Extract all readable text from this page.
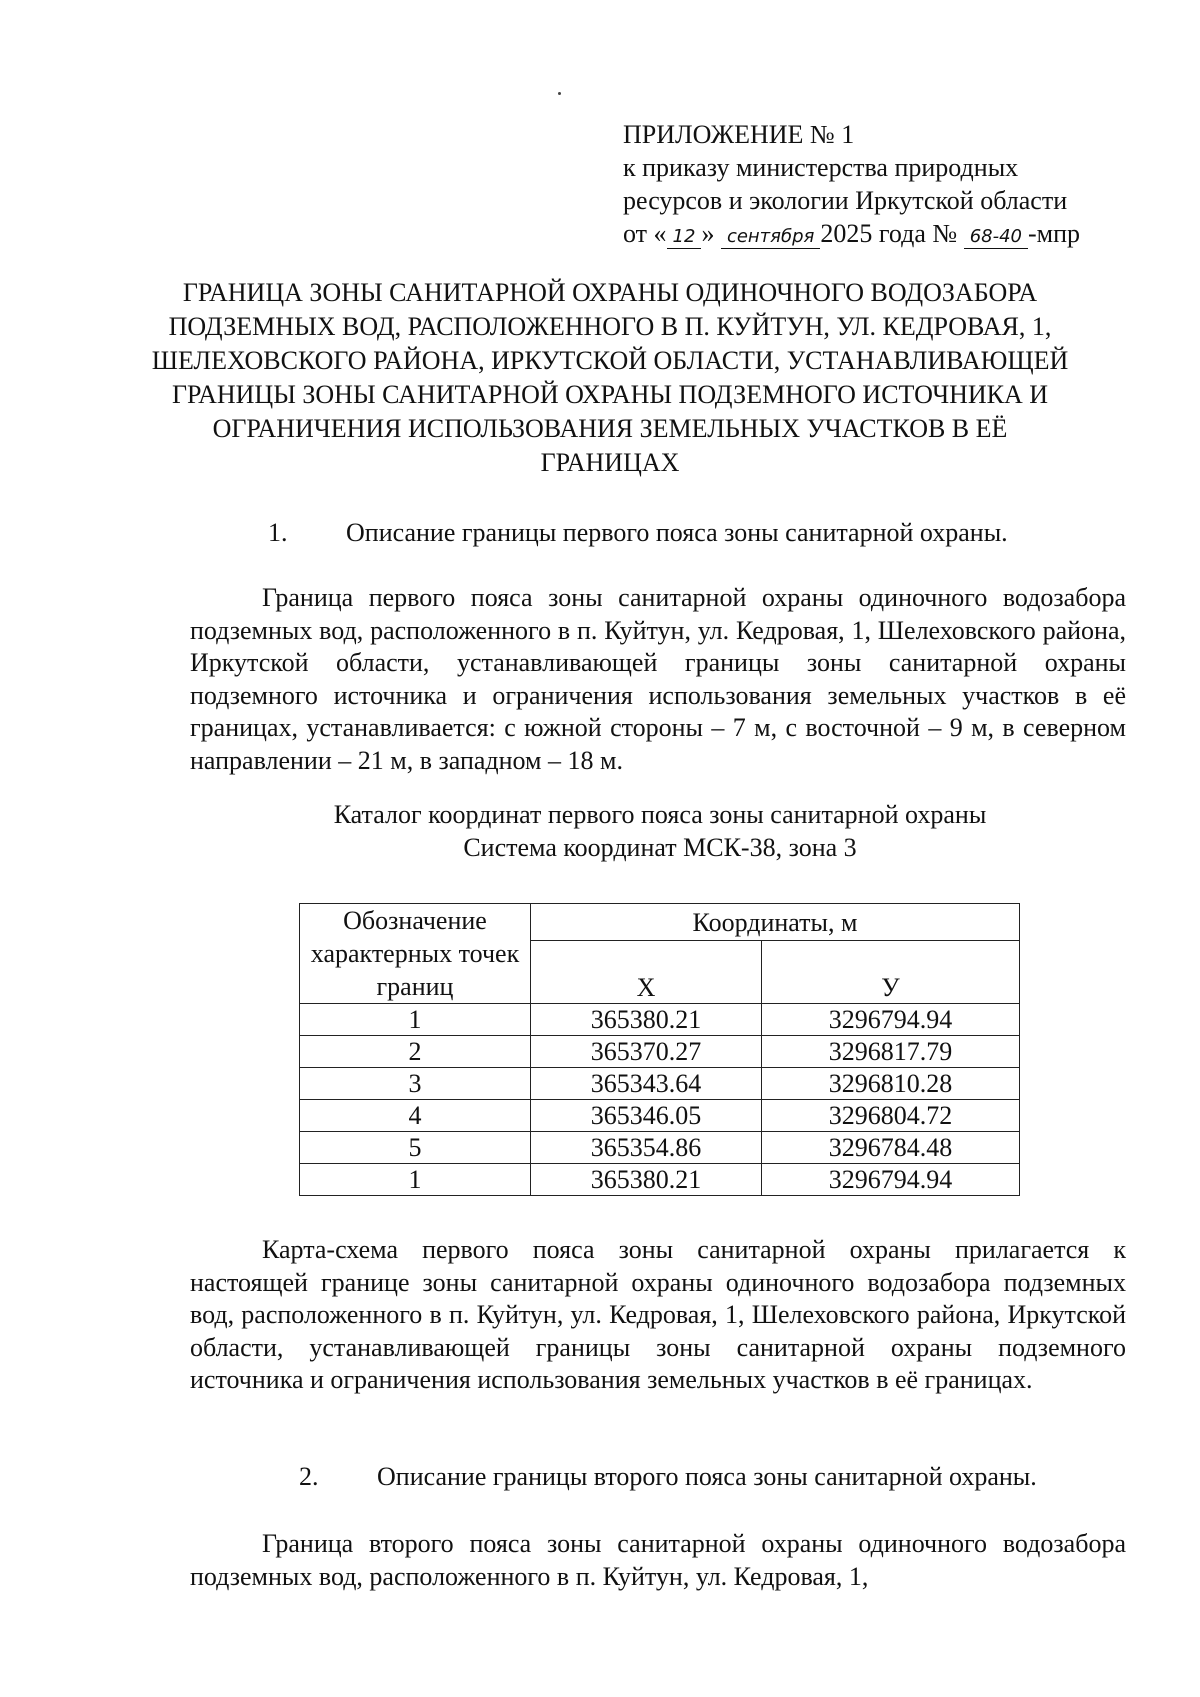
ПРИЛОЖЕНИЕ № 1
к приказу министерства природных
ресурсов и экологии Иркутской области
от « 12 » сентября 2025 года № 68-40 -мпр
ГРАНИЦА ЗОНЫ САНИТАРНОЙ ОХРАНЫ ОДИНОЧНОГО ВОДОЗАБОРА ПОДЗЕМНЫХ ВОД, РАСПОЛОЖЕННОГО В П. КУЙТУН, УЛ. КЕДРОВАЯ, 1, ШЕЛЕХОВСКОГО РАЙОНА, ИРКУТСКОЙ ОБЛАСТИ, УСТАНАВЛИВАЮЩЕЙ ГРАНИЦЫ ЗОНЫ САНИТАРНОЙ ОХРАНЫ ПОДЗЕМНОГО ИСТОЧНИКА И ОГРАНИЧЕНИЯ ИСПОЛЬЗОВАНИЯ ЗЕМЕЛЬНЫХ УЧАСТКОВ В ЕЁ ГРАНИЦАХ
1. Описание границы первого пояса зоны санитарной охраны.
Граница первого пояса зоны санитарной охраны одиночного водозабора подземных вод, расположенного в п. Куйтун, ул. Кедровая, 1, Шелеховского района, Иркутской области, устанавливающей границы зоны санитарной охраны подземного источника и ограничения использования земельных участков в её границах, устанавливается: с южной стороны – 7 м, с восточной – 9 м, в северном направлении – 21 м, в западном – 18 м.
Каталог координат первого пояса зоны санитарной охраны
Система координат МСК-38, зона 3
Обозначение характерных точек границ	Координаты, м	
	Х	У
1	365380.21	3296794.94
2	365370.27	3296817.79
3	365343.64	3296810.28
4	365346.05	3296804.72
5	365354.86	3296784.48
1	365380.21	3296794.94
Карта-схема первого пояса зоны санитарной охраны прилагается к настоящей границе зоны санитарной охраны одиночного водозабора подземных вод, расположенного в п. Куйтун, ул. Кедровая, 1, Шелеховского района, Иркутской области, устанавливающей границы зоны санитарной охраны подземного источника и ограничения использования земельных участков в её границах.
2. Описание границы второго пояса зоны санитарной охраны.
Граница второго пояса зоны санитарной охраны одиночного водозабора подземных вод, расположенного в п. Куйтун, ул. Кедровая, 1,
